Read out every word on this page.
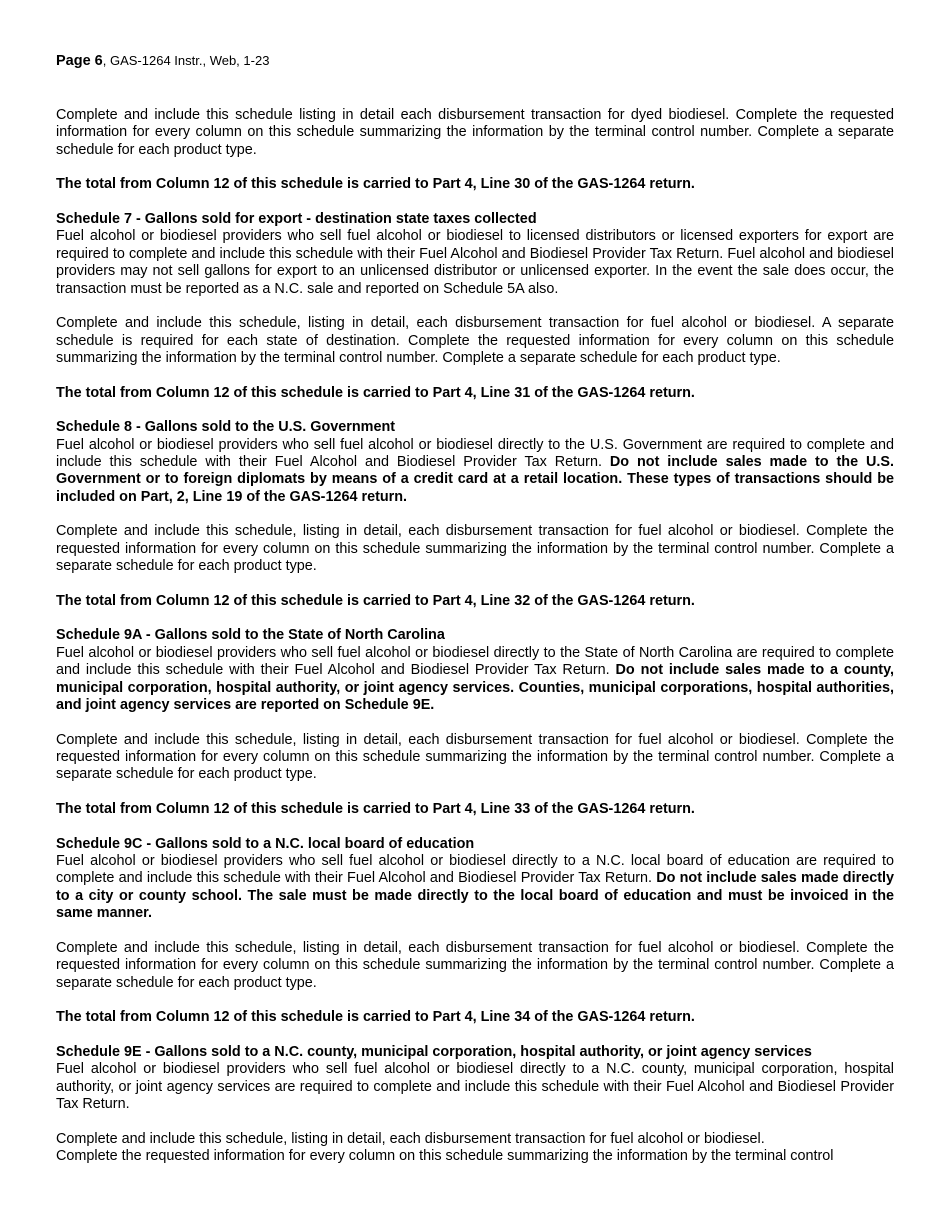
Page 6, GAS-1264 Instr., Web, 1-23

Complete and include this schedule listing in detail each disbursement transaction for dyed biodiesel. Complete the requested information for every column on this schedule summarizing the information by the terminal control number. Complete a separate schedule for each product type.

The total from Column 12 of this schedule is carried to Part 4, Line 30 of the GAS-1264 return.

Schedule 7 - Gallons sold for export - destination state taxes collected

Fuel alcohol or biodiesel providers who sell fuel alcohol or biodiesel to licensed distributors or licensed exporters for export are required to complete and include this schedule with their Fuel Alcohol and Biodiesel Provider Tax Return. Fuel alcohol and biodiesel providers may not sell gallons for export to an unlicensed distributor or unlicensed exporter. In the event the sale does occur, the transaction must be reported as a N.C. sale and reported on Schedule 5A also.

Complete and include this schedule, listing in detail, each disbursement transaction for fuel alcohol or biodiesel. A separate schedule is required for each state of destination. Complete the requested information for every column on this schedule summarizing the information by the terminal control number. Complete a separate schedule for each product type.

The total from Column 12 of this schedule is carried to Part 4, Line 31 of the GAS-1264 return.

Schedule 8 - Gallons sold to the U.S. Government

Fuel alcohol or biodiesel providers who sell fuel alcohol or biodiesel directly to the U.S. Government are required to complete and include this schedule with their Fuel Alcohol and Biodiesel Provider Tax Return. Do not include sales made to the U.S. Government or to foreign diplomats by means of a credit card at a retail location. These types of transactions should be included on Part, 2, Line 19 of the GAS-1264 return.

Complete and include this schedule, listing in detail, each disbursement transaction for fuel alcohol or biodiesel. Complete the requested information for every column on this schedule summarizing the information by the terminal control number. Complete a separate schedule for each product type.

The total from Column 12 of this schedule is carried to Part 4, Line 32 of the GAS-1264 return.

Schedule 9A - Gallons sold to the State of North Carolina

Fuel alcohol or biodiesel providers who sell fuel alcohol or biodiesel directly to the State of North Carolina are required to complete and include this schedule with their Fuel Alcohol and Biodiesel Provider Tax Return. Do not include sales made to a county, municipal corporation, hospital authority, or joint agency services. Counties, municipal corporations, hospital authorities, and joint agency services are reported on Schedule 9E.

Complete and include this schedule, listing in detail, each disbursement transaction for fuel alcohol or biodiesel. Complete the requested information for every column on this schedule summarizing the information by the terminal control number. Complete a separate schedule for each product type.

The total from Column 12 of this schedule is carried to Part 4, Line 33 of the GAS-1264 return.

Schedule 9C - Gallons sold to a N.C. local board of education

Fuel alcohol or biodiesel providers who sell fuel alcohol or biodiesel directly to a N.C. local board of education are required to complete and include this schedule with their Fuel Alcohol and Biodiesel Provider Tax Return. Do not include sales made directly to a city or county school. The sale must be made directly to the local board of education and must be invoiced in the same manner.

Complete and include this schedule, listing in detail, each disbursement transaction for fuel alcohol or biodiesel. Complete the requested information for every column on this schedule summarizing the information by the terminal control number. Complete a separate schedule for each product type.

The total from Column 12 of this schedule is carried to Part 4, Line 34 of the GAS-1264 return.

Schedule 9E - Gallons sold to a N.C. county, municipal corporation, hospital authority, or joint agency services

Fuel alcohol or biodiesel providers who sell fuel alcohol or biodiesel directly to a N.C. county, municipal corporation, hospital authority, or joint agency services are required to complete and include this schedule with their Fuel Alcohol and Biodiesel Provider Tax Return.

Complete and include this schedule, listing in detail, each disbursement transaction for fuel alcohol or biodiesel.

Complete the requested information for every column on this schedule summarizing the information by the terminal control
